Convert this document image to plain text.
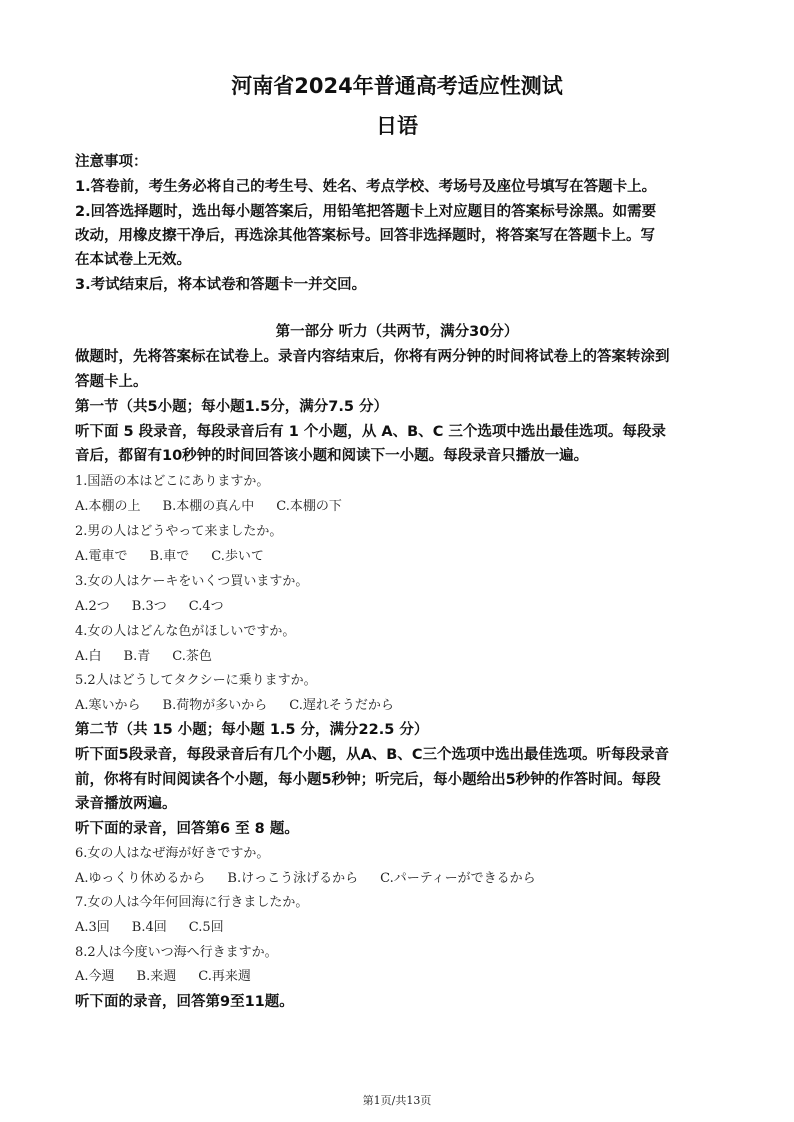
河南省2024年普通高考适应性测试
日语
注意事项：
1.答卷前，考生务必将自己的考生号、姓名、考点学校、考场号及座位号填写在答题卡上。
2.回答选择题时，选出每小题答案后，用铅笔把答题卡上对应题目的答案标号涂黑。如需要
改动，用橡皮擦干净后，再选涂其他答案标号。回答非选择题时，将答案写在答题卡上。写
在本试卷上无效。
3.考试结束后，将本试卷和答题卡一并交回。
第一部分 听力（共两节，满分30分）
做题时，先将答案标在试卷上。录音内容结束后，你将有两分钟的时间将试卷上的答案转涂到
答题卡上。
第一节（共5小题；每小题1.5分，满分7.5 分）
听下面 5 段录音，每段录音后有 1 个小题，从 A、B、C 三个选项中选出最佳选项。每段录
音后，都留有10秒钟的时间回答该小题和阅读下一小题。每段录音只播放一遍。
1.国語の本はどこにありますか。
A.本棚の上 B.本棚の真ん中 C.本棚の下
2.男の人はどうやって来ましたか。
A.電車で B.車で C.歩いて
3.女の人はケーキをいくつ買いますか。
A.2つ B.3つ C.4つ
4.女の人はどんな色がほしいですか。
A.白 B.青 C.茶色
5.2人はどうしてタクシーに乗りますか。
A.寒いから B.荷物が多いから C.遅れそうだから
第二节（共 15 小题；每小题 1.5 分，满分22.5 分）
听下面5段录音，每段录音后有几个小题，从A、B、C三个选项中选出最佳选项。听每段录音
前，你将有时间阅读各个小题，每小题5秒钟；听完后，每小题给出5秒钟的作答时间。每段
录音播放两遍。
听下面的录音，回答第6 至 8 题。
6.女の人はなぜ海が好きですか。
A.ゆっくり休めるから B.けっこう泳げるから C.パーティーができるから
7.女の人は今年何回海に行きましたか。
A.3回 B.4回 C.5回
8.2人は今度いつ海へ行きますか。
A.今週 B.来週 C.再来週
听下面的录音，回答第9至11题。
第1页/共13页
